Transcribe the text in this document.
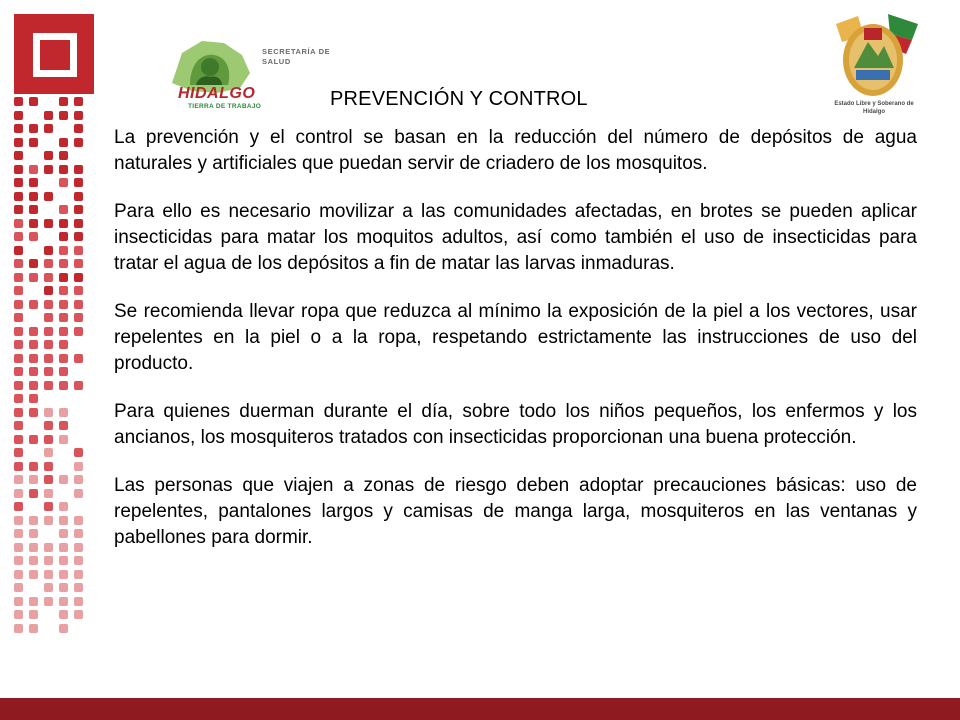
SECRETARÍA DE SALUD
HIDALGO
TIERRA DE TRABAJO	Estado Libre y Soberano de Hidalgo
PREVENCIÓN Y CONTROL

La prevención y el control se basan en la reducción del número de depósitos de agua naturales y artificiales que puedan servir de criadero de los mosquitos.

Para ello es necesario movilizar a las comunidades afectadas, en brotes se pueden aplicar insecticidas para matar los moquitos adultos, así como también el uso de insecticidas para tratar el agua de los depósitos a fin de matar las larvas inmaduras.

Se recomienda llevar ropa que reduzca al mínimo la exposición de la piel a los vectores, usar repelentes en la piel o a la ropa, respetando estrictamente las instrucciones de uso del producto.

Para quienes duerman durante el día, sobre todo los niños pequeños, los enfermos y los ancianos, los mosquiteros tratados con insecticidas proporcionan una buena protección.

Las personas que viajen a zonas de riesgo deben adoptar precauciones básicas: uso de repelentes, pantalones largos y camisas de manga larga, mosquiteros en las ventanas y pabellones para dormir.
